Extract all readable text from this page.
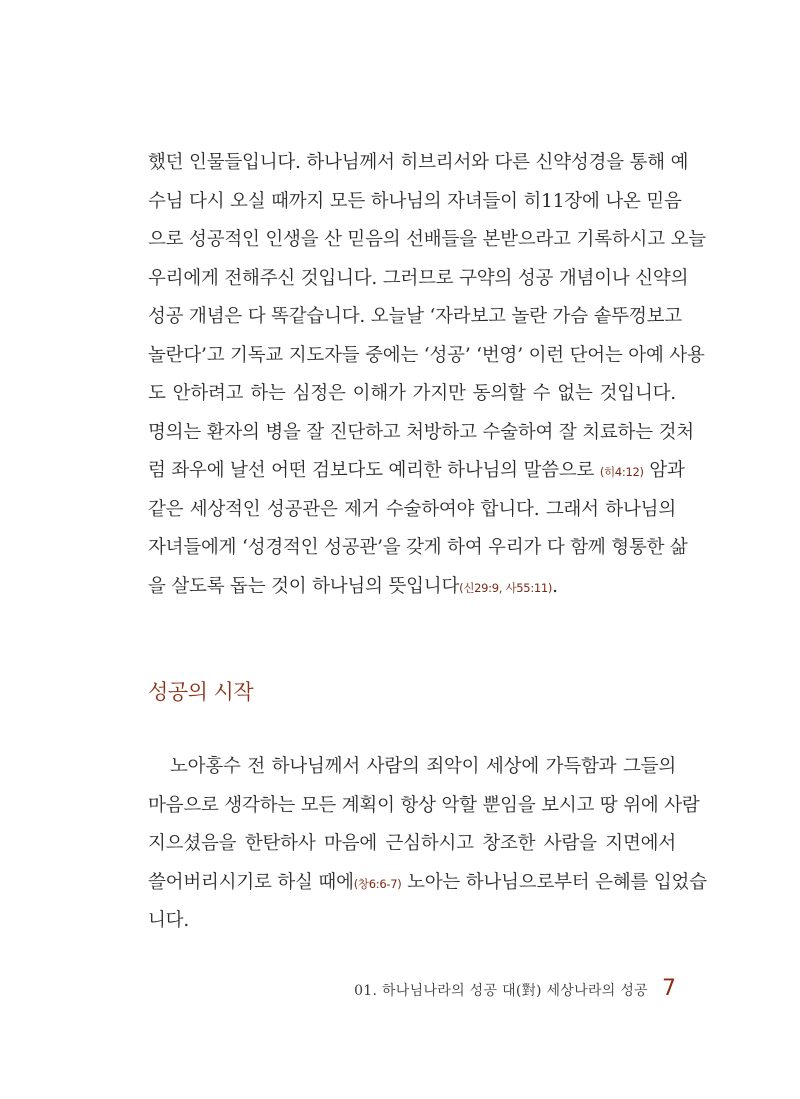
했던 인물들입니다. 하나님께서 히브리서와 다른 신약성경을 통해 예
수님 다시 오실 때까지 모든 하나님의 자녀들이 히11장에 나온 믿음
으로 성공적인 인생을 산 믿음의 선배들을 본받으라고 기록하시고 오늘
우리에게 전해주신 것입니다. 그러므로 구약의 성공 개념이나 신약의
성공 개념은 다 똑같습니다. 오늘날 ‘자라보고 놀란 가슴 솥뚜껑보고
놀란다’고 기독교 지도자들 중에는 ‘성공’ ‘번영’ 이런 단어는 아예 사용
도 안하려고 하는 심정은 이해가 가지만 동의할 수 없는 것입니다.
명의는 환자의 병을 잘 진단하고 처방하고 수술하여 잘 치료하는 것처
럼 좌우에 날선 어떤 검보다도 예리한 하나님의 말씀으로 (히4:12) 암과
같은 세상적인 성공관은 제거 수술하여야 합니다. 그래서 하나님의
자녀들에게 ‘성경적인 성공관’을 갖게 하여 우리가 다 함께 형통한 삶
을 살도록 돕는 것이 하나님의 뜻입니다(신29:9, 사55:11).
성공의 시작
노아홍수 전 하나님께서 사람의 죄악이 세상에 가득함과 그들의
마음으로 생각하는 모든 계획이 항상 악할 뿐임을 보시고 땅 위에 사람
지으셨음을 한탄하사 마음에 근심하시고 창조한 사람을 지면에서
쓸어버리시기로 하실 때에(창6:6-7) 노아는 하나님으로부터 은혜를 입었습
니다.
01. 하나님나라의 성공 대(對) 세상나라의 성공 7
